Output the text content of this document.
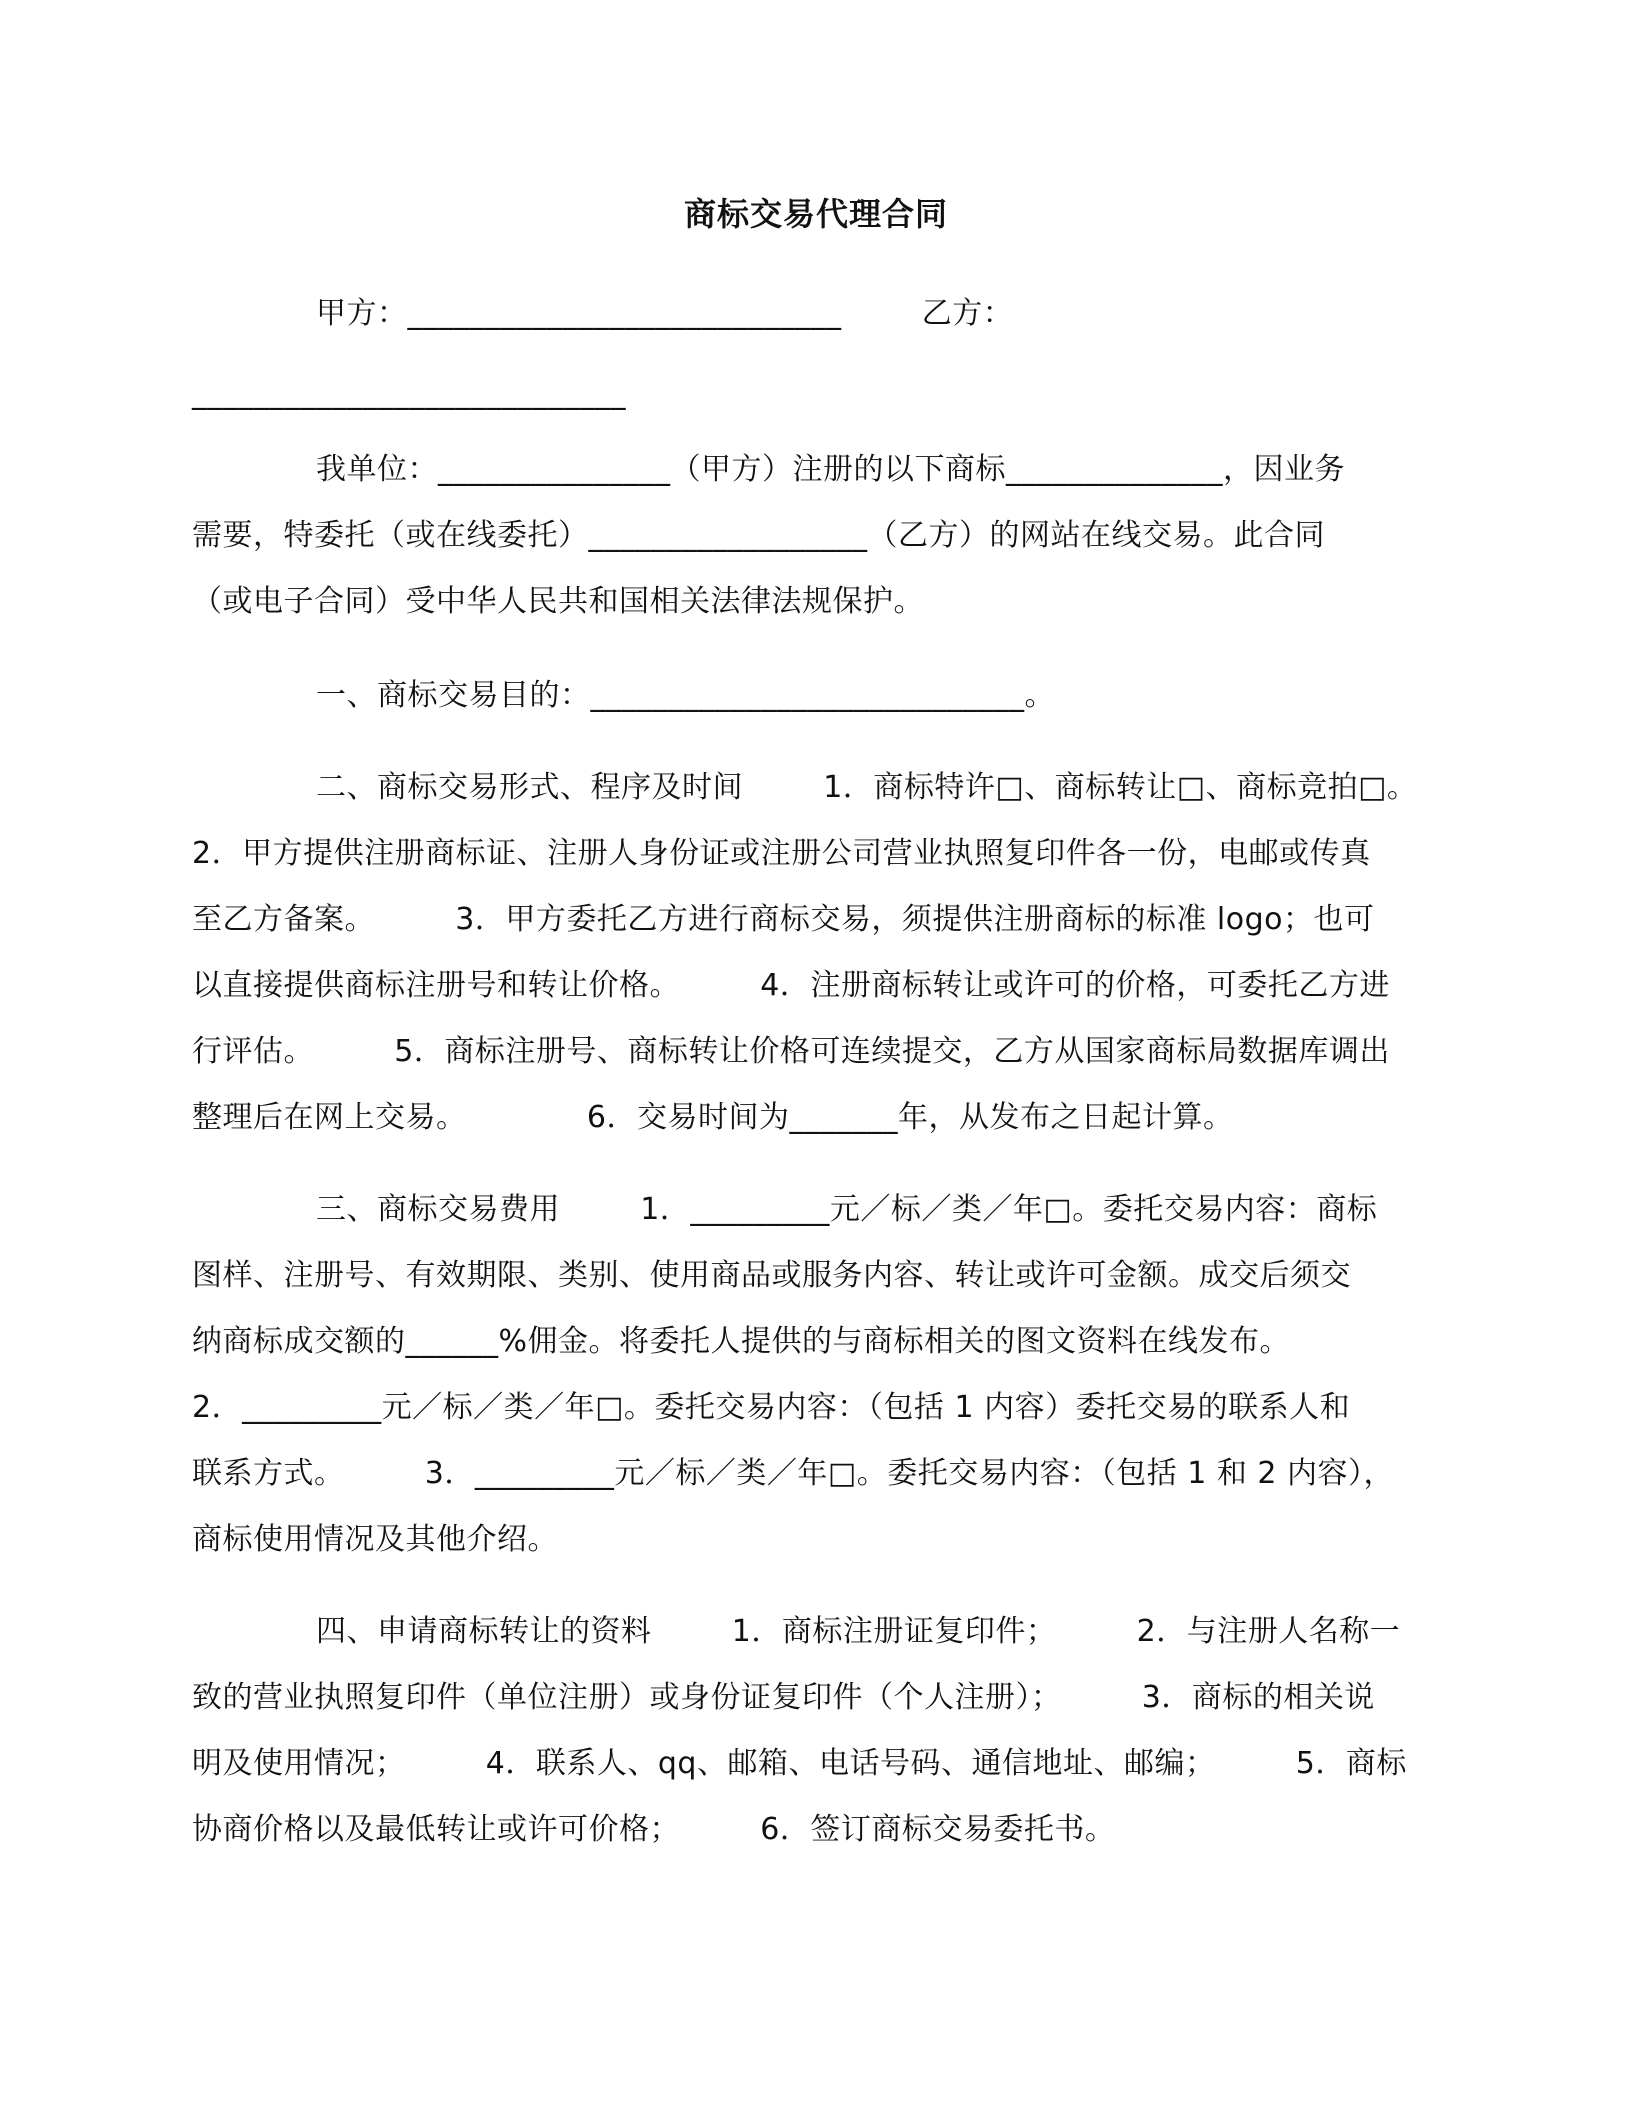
商标交易代理合同
甲方：____________________________        乙方：
____________________________
我单位：_______________（甲方）注册的以下商标______________，因业务
需要，特委托（或在线委托）__________________（乙方）的网站在线交易。此合同
（或电子合同）受中华人民共和国相关法律法规保护。
一、商标交易目的：____________________________。
二、商标交易形式、程序及时间        1．商标特许□、商标转让□、商标竞拍□。
2．甲方提供注册商标证、注册人身份证或注册公司营业执照复印件各一份，电邮或传真
至乙方备案。        3．甲方委托乙方进行商标交易，须提供注册商标的标准 logo；也可
以直接提供商标注册号和转让价格。        4．注册商标转让或许可的价格，可委托乙方进
行评估。        5．商标注册号、商标转让价格可连续提交，乙方从国家商标局数据库调出
整理后在网上交易。            6．交易时间为_______年，从发布之日起计算。
三、商标交易费用        1．_________元／标／类／年□。委托交易内容：商标
图样、注册号、有效期限、类别、使用商品或服务内容、转让或许可金额。成交后须交
纳商标成交额的______%佣金。将委托人提供的与商标相关的图文资料在线发布。
2．_________元／标／类／年□。委托交易内容：（包括 1 内容）委托交易的联系人和
联系方式。        3．_________元／标／类／年□。委托交易内容：（包括 1 和 2 内容），
商标使用情况及其他介绍。
四、申请商标转让的资料        1．商标注册证复印件；        2．与注册人名称一
致的营业执照复印件（单位注册）或身份证复印件（个人注册）；        3．商标的相关说
明及使用情况；        4．联系人、qq、邮箱、电话号码、通信地址、邮编；        5．商标
协商价格以及最低转让或许可价格；        6．签订商标交易委托书。
